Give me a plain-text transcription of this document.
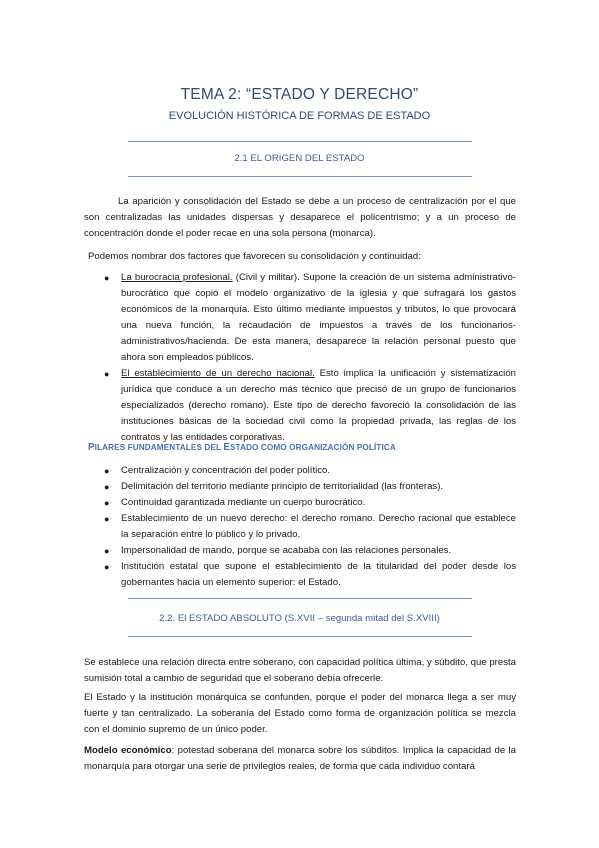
TEMA 2: “ESTADO Y DERECHO”
EVOLUCIÓN HISTÓRICA DE FORMAS DE ESTADO
2.1 EL ORIGEN DEL ESTADO

La aparición y consolidación del Estado se debe a un proceso de centralización por el que son centralizadas las unidades dispersas y desaparece el policentrismo; y a un proceso de concentración donde el poder recae en una sola persona (monarca).

Podemos nombrar dos factores que favorecen su consolidación y continuidad:

● La burocracia profesional. (Civil y militar). Supone la creación de un sistema administrativo-burocrático que copió el modelo organizativo de la iglesia y que sufragará los gastos económicos de la monarquía. Esto último mediante impuestos y tributos, lo que provocará una nueva función, la recaudación de impuestos a través de los funcionarios-administrativos/hacienda. De esta manera, desaparece la relación personal puesto que ahora son empleados públicos.
● El establecimiento de un derecho nacional. Esto implica la unificación y sistematización jurídica que conduce a un derecho más técnico que precisó de un grupo de funcionarios especializados (derecho romano). Este tipo de derecho favoreció la consolidación de las instituciones básicas de la sociedad civil como la propiedad privada, las reglas de los contratos y las entidades corporativas.
PILARES FUNDAMENTALES DEL ESTADO COMO ORGANIZACIÓN POLÍTICA
● Centralización y concentración del poder político.
● Delimitación del territorio mediante principio de territorialidad (las fronteras).
● Continuidad garantizada mediante un cuerpo burocrático.
● Establecimiento de un nuevo derecho: el derecho romano. Derecho racional que establece la separación entre lo público y lo privado.
● Impersonalidad de mando, porque se acababa con las relaciones personales.
● Institución estatal que supone el establecimiento de la titularidad del poder desde los gobernantes hacia un elemento superior: el Estado.
2.2. El ESTADO ABSOLUTO (S.XVII – segunda mitad del S.XVIII)

Se establece una relación directa entre soberano, con capacidad política última, y súbdito, que presta sumisión total a cambio de seguridad que el soberano debía ofrecerle.

El Estado y la institución monárquica se confunden, porque el poder del monarca llega a ser muy fuerte y tan centralizado. La soberanía del Estado como forma de organización política se mezcla con el dominio supremo de un único poder.

Modelo económico: potestad soberana del monarca sobre los súbditos. Implica la capacidad de la monarquía para otorgar una serie de privilegios reales, de forma que cada individuo contará
